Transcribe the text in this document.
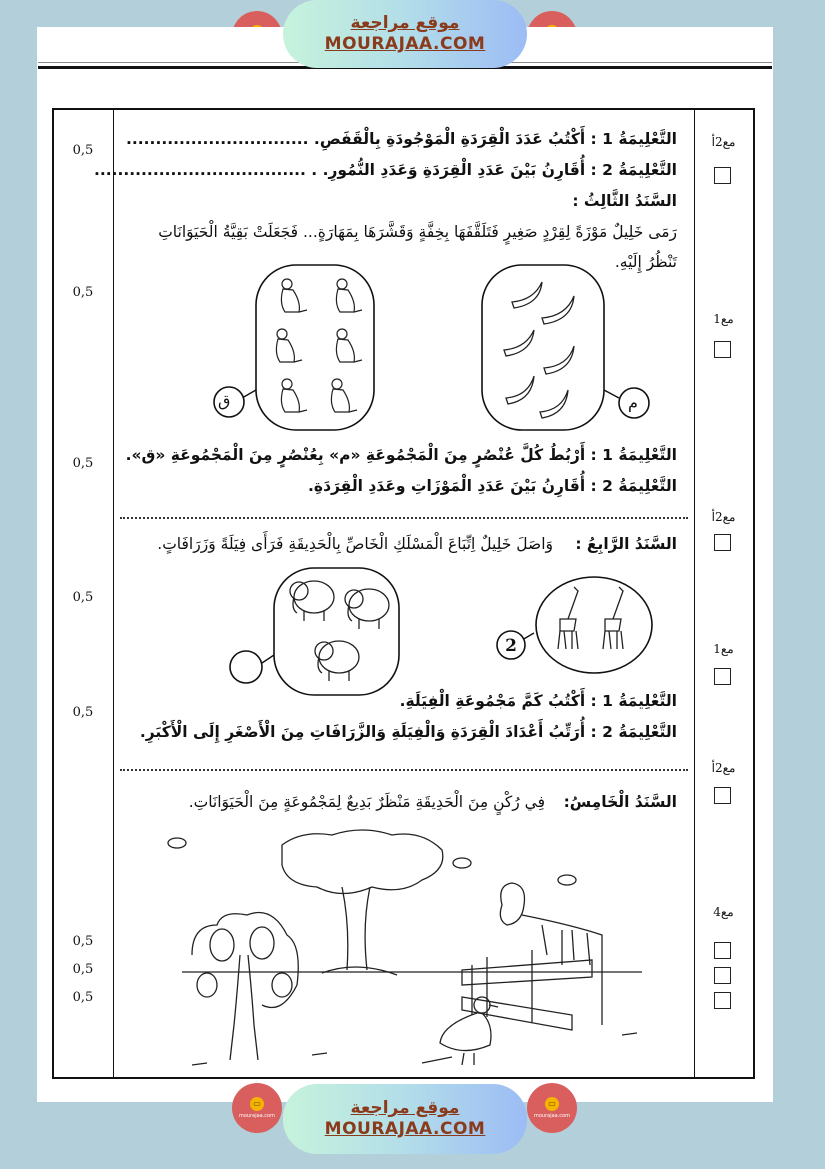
موقع مراجعة
MOURAJAA.COM
0,5
0,5
0,5
0,5
0,5
0,5
0,5
0,5
مع2أ
مع1
مع2أ
مع1
مع2أ
مع4
التَّعْلِيمَةُ 1 : أَكْتُبُ عَدَدَ الْقِرَدَةِ الْمَوْجُودَةِ بِالْقَفَصِ. ...............................
التَّعْلِيمَةُ 2 : أُقَارِنُ بَيْنَ عَدَدِ الْقِرَدَةِ وَعَدَدِ النُّمُورِ. . ....................................
السَّنَدُ الثَّالِثُ :
رَمَى خَلِيلٌ مَوْزَةً لِقِرْدٍ صَغِيرٍ فَتَلَقَّفَهَا بِخِفَّةٍ وَقَشَّرَهَا بِمَهَارَةٍ... فَجَعَلَتْ بَقِيَّةُ الْحَيَوَانَاتِ
تَنْظُرُ إِلَيْهِ.
ق	م
التَّعْلِيمَةُ 1 : أَرْبُطُ كُلَّ عُنْصُرٍ مِنَ الْمَجْمُوعَةِ «م» بِعُنْصُرٍ مِنَ الْمَجْمُوعَةِ «ق».
التَّعْلِيمَةُ 2 : أُقَارِنُ بَيْنَ عَدَدِ الْمَوْزَاتِ وعَدَدِ الْقِرَدَةِ.
السَّنَدُ الرَّابِعُ :
وَاصَلَ خَلِيلٌ اِتِّبَاعَ الْمَسْلَكِ الْخَاصِّ بِالْحَدِيقَةِ فَرَأَى فِيَلَةً وَزَرَافَاتٍ.
2
التَّعْلِيمَةُ 1 : أَكْتُبُ كَمَّ مَجْمُوعَةِ الْفِيَلَةِ.
التَّعْلِيمَةُ 2 : أُرَتِّبُ أَعْدَادَ الْقِرَدَةِ وَالْفِيَلَةِ وَالزَّرَافَاتِ مِنَ الْأَصْغَرِ إِلَى الْأَكْبَرِ.
السَّنَدُ الْخَامِسُ:
فِي رُكْنٍ مِنَ الْحَدِيقَةِ مَنْظَرٌ بَدِيعٌ لِمَجْمُوعَةٍ مِنَ الْحَيَوَانَاتِ.
▭
mourajaa.com
▭
mourajaa.com
موقع مراجعة
MOURAJAA.COM
